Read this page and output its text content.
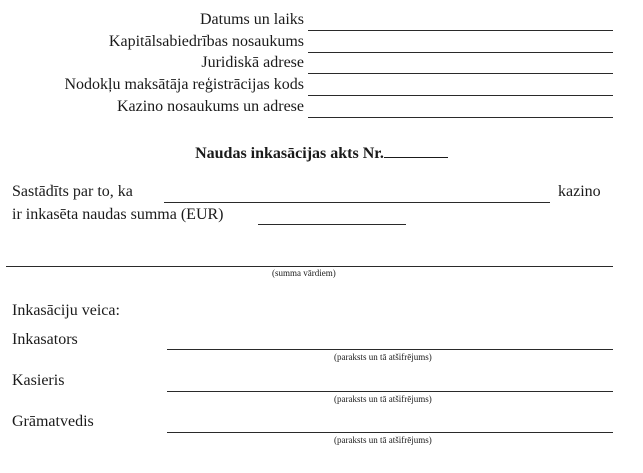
Datums un laiks
Kapitālsabiedrības nosaukums
Juridiskā adrese
Nodokļu maksātāja reģistrācijas kods
Kazino nosaukums un adrese
Naudas inkasācijas akts Nr.
Sastādīts par to, ka	kazino
ir inkasēta naudas summa (EUR)
(summa vārdiem)
Inkasāciju veica:
Inkasators
(paraksts un tā atšifrējums)
Kasieris
(paraksts un tā atšifrējums)
Grāmatvedis
(paraksts un tā atšifrējums)
